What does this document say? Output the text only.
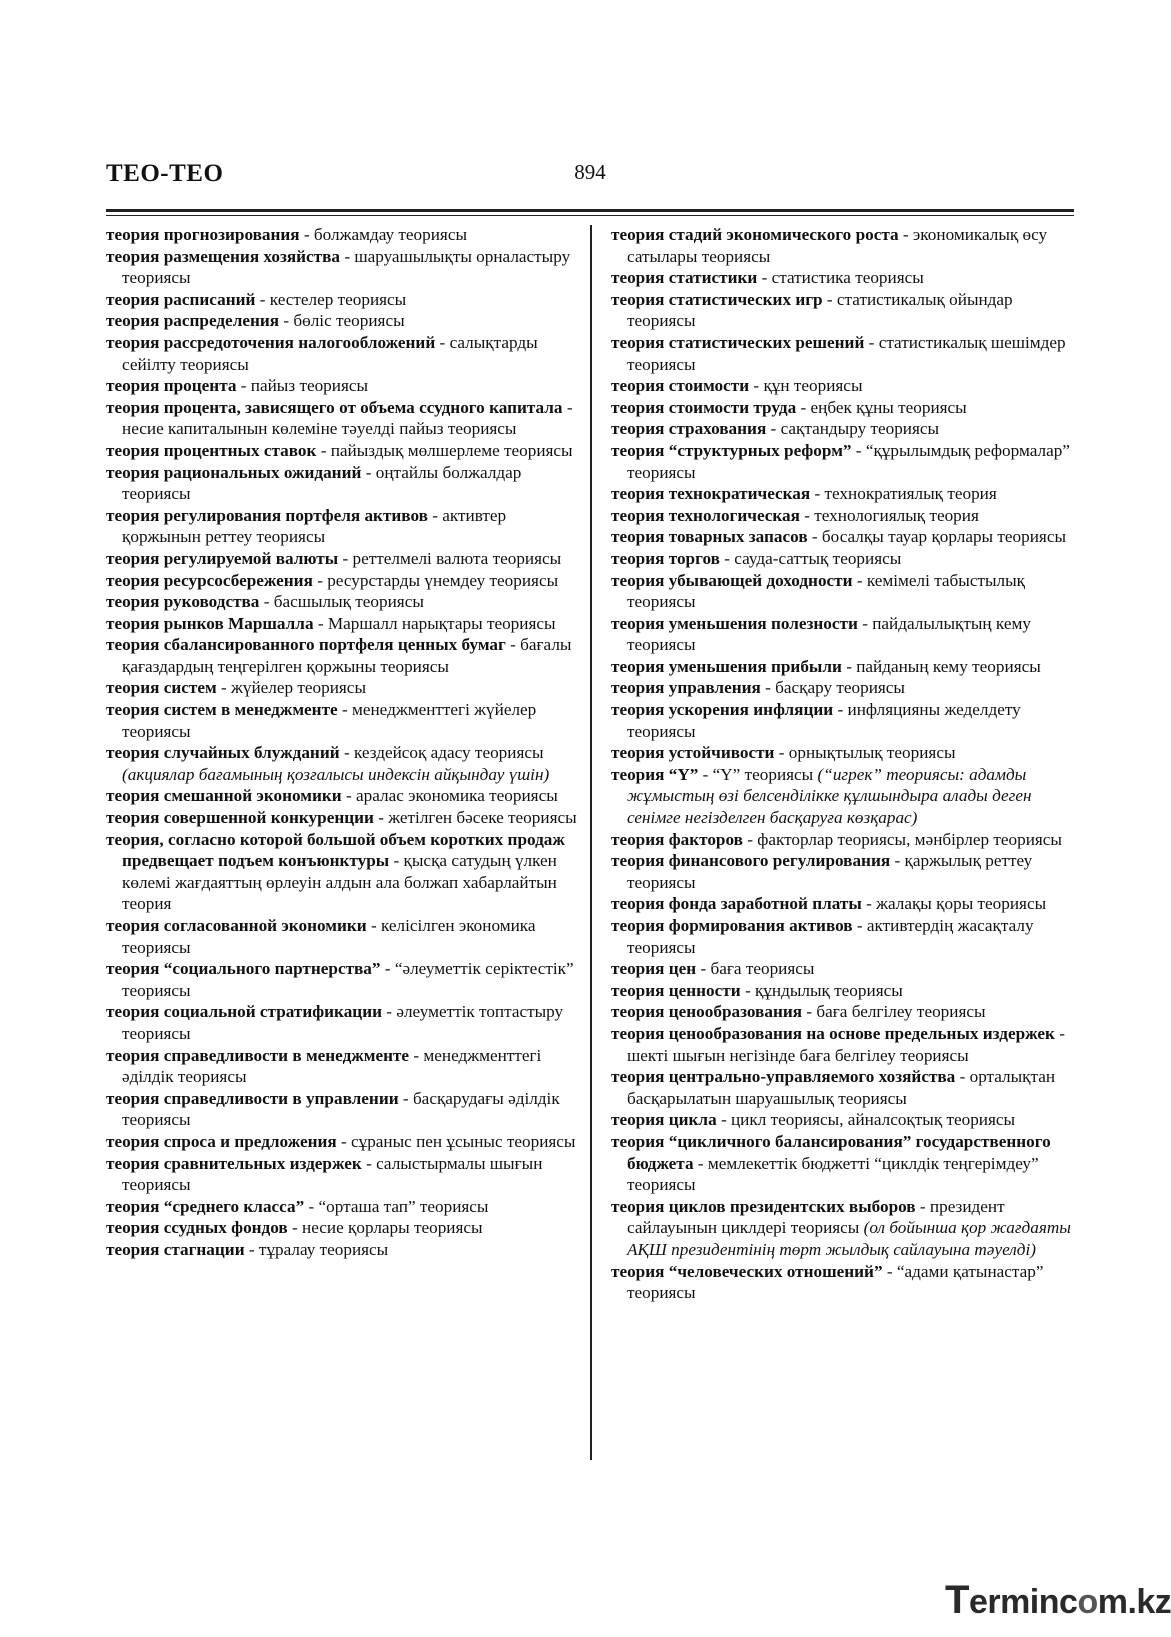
ТЕО-ТЕО	894

теория прогнозирования - болжамдау теориясы

теория размещения хозяйства - шаруашылықты орналастыру теориясы

теория расписаний - кестелер теориясы

теория распределения - бөліс теориясы

теория рассредоточения налогообложений - салықтарды сейілту теориясы

теория процента - пайыз теориясы

теория процента, зависящего от объема ссудного капитала - несие капиталынын көлеміне тәуелді пайыз теориясы

теория процентных ставок - пайыздық мөлшерлеме теориясы

теория рациональных ожиданий - оңтайлы болжалдар теориясы

теория регулирования портфеля активов - активтер қоржынын реттеу теориясы

теория регулируемой валюты - реттелмелі валюта теориясы

теория ресурсосбережения - ресурстарды үнемдеу теориясы

теория руководства - басшылық теориясы

теория рынков Маршалла - Маршалл нарықтары теориясы

теория сбалансированного портфеля ценных бумаг - бағалы қағаздардың теңгерілген қоржыны теориясы

теория систем - жүйелер теориясы

теория систем в менеджменте - менеджменттегі жүйелер теориясы

теория случайных блужданий - кездейсоқ адасу теориясы (акциялар бағамының қозғалысы индексін айқындау үшін)

теория смешанной экономики - аралас экономика теориясы

теория совершенной конкуренции - жетілген бәсеке теориясы

теория, согласно которой большой объем коротких продаж предвещает подъем конъюнктуры - қысқа сатудың үлкен көлемі жағдаяттың өрлеуін алдын ала болжап хабарлайтын теория

теория согласованной экономики - келісілген экономика теориясы

теория “социального партнерства” - “әлеуметтік серіктестік” теориясы

теория социальной стратификации - әлеуметтік топтастыру теориясы

теория справедливости в менеджменте - менеджменттегі әділдік теориясы

теория справедливости в управлении - басқарудағы әділдік теориясы

теория спроса и предложения - сұраныс пен ұсыныс теориясы

теория сравнительных издержек - салыстырмалы шығын теориясы

теория “среднего класса” - “орташа тап” теориясы

теория ссудных фондов - несие қорлары теориясы

теория стагнации - тұралау теориясы

теория стадий экономического роста - экономикалық өсу сатылары теориясы

теория статистики - статистика теориясы

теория статистических игр - статистикалық ойындар теориясы

теория статистических решений - статистикалық шешімдер теориясы

теория стоимости - құн теориясы

теория стоимости труда - еңбек құны теориясы

теория страхования - сақтандыру теориясы

теория “структурных реформ” - “құрылымдық реформалар” теориясы

теория технократическая - технократиялық теория

теория технологическая - технологиялық теория

теория товарных запасов - босалқы тауар қорлары теориясы

теория торгов - сауда-саттық теориясы

теория убывающей доходности - кемімелі табыстылық теориясы

теория уменьшения полезности - пайдалылықтың кему теориясы

теория уменьшения прибыли - пайданың кему теориясы

теория управления - басқару теориясы

теория ускорения инфляции - инфляцияны жеделдету теориясы

теория устойчивости - орнықтылық теориясы

теория “Y” - “Y” теориясы (“игрек” теориясы: адамды жұмыстың өзі белсенділікке құлшындыра алады деген сенімге негізделген басқаруға көзқарас)

теория факторов - факторлар теориясы, мәнбірлер теориясы

теория финансового регулирования - қаржылық реттеу теориясы

теория фонда заработной платы - жалақы қоры теориясы

теория формирования активов - активтердің жасақталу теориясы

теория цен - баға теориясы

теория ценности - құндылық теориясы

теория ценообразования - баға белгілеу теориясы

теория ценообразования на основе предельных издержек - шекті шығын негізінде баға белгілеу теориясы

теория центрально-управляемого хозяйства - орталықтан басқарылатын шаруашылық теориясы

теория цикла - цикл теориясы, айналсоқтық теориясы

теория “цикличного балансирования” государственного бюджета - мемлекеттік бюджетті “циклдік теңгерімдеу” теориясы

теория циклов президентских выборов - президент сайлауынын циклдері теориясы (ол бойынша қор жағдаяты АҚШ президентінің төрт жылдық сайлауына тәуелді)

теория “человеческих отношений” - “адами қатынастар” теориясы

Termincom.kz
